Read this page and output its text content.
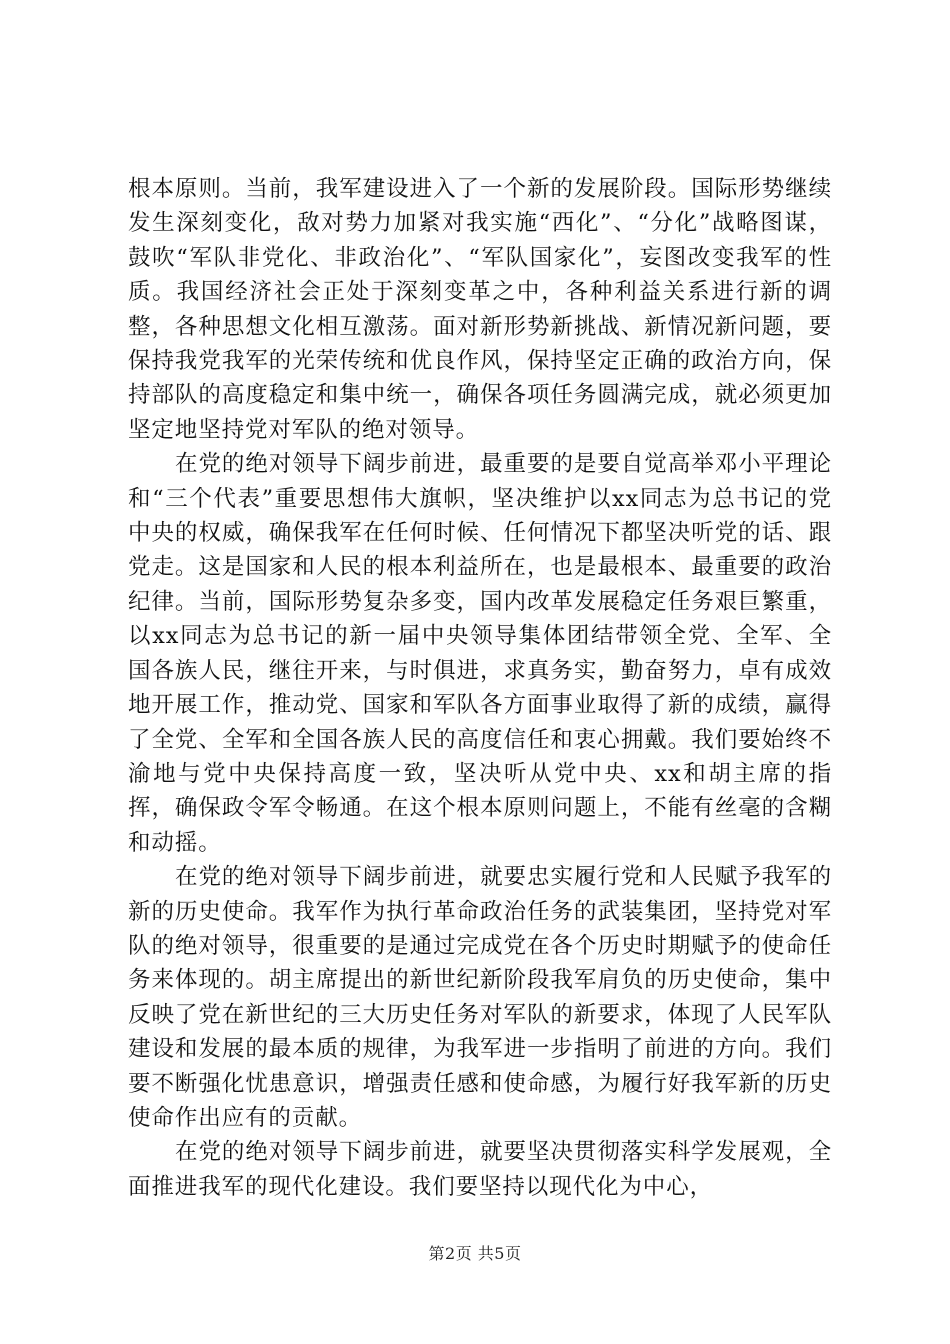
根本原则。当前，我军建设进入了一个新的发展阶段。国际形势继续发生深刻变化，敌对势力加紧对我实施“西化”、“分化”战略图谋，鼓吹“军队非党化、非政治化”、“军队国家化”，妄图改变我军的性质。我国经济社会正处于深刻变革之中，各种利益关系进行新的调整，各种思想文化相互激荡。面对新形势新挑战、新情况新问题，要保持我党我军的光荣传统和优良作风，保持坚定正确的政治方向，保持部队的高度稳定和集中统一，确保各项任务圆满完成，就必须更加坚定地坚持党对军队的绝对领导。

在党的绝对领导下阔步前进，最重要的是要自觉高举邓小平理论和“三个代表”重要思想伟大旗帜，坚决维护以xx同志为总书记的党中央的权威，确保我军在任何时候、任何情况下都坚决听党的话、跟党走。这是国家和人民的根本利益所在，也是最根本、最重要的政治纪律。当前，国际形势复杂多变，国内改革发展稳定任务艰巨繁重，以xx同志为总书记的新一届中央领导集体团结带领全党、全军、全国各族人民，继往开来，与时俱进，求真务实，勤奋努力，卓有成效地开展工作，推动党、国家和军队各方面事业取得了新的成绩，赢得了全党、全军和全国各族人民的高度信任和衷心拥戴。我们要始终不渝地与党中央保持高度一致，坚决听从党中央、xx和胡主席的指挥，确保政令军令畅通。在这个根本原则问题上，不能有丝毫的含糊和动摇。

在党的绝对领导下阔步前进，就要忠实履行党和人民赋予我军的新的历史使命。我军作为执行革命政治任务的武装集团，坚持党对军队的绝对领导，很重要的是通过完成党在各个历史时期赋予的使命任务来体现的。胡主席提出的新世纪新阶段我军肩负的历史使命，集中反映了党在新世纪的三大历史任务对军队的新要求，体现了人民军队建设和发展的最本质的规律，为我军进一步指明了前进的方向。我们要不断强化忧患意识，增强责任感和使命感，为履行好我军新的历史使命作出应有的贡献。

在党的绝对领导下阔步前进，就要坚决贯彻落实科学发展观，全面推进我军的现代化建设。我们要坚持以现代化为中心，

第2页 共5页
